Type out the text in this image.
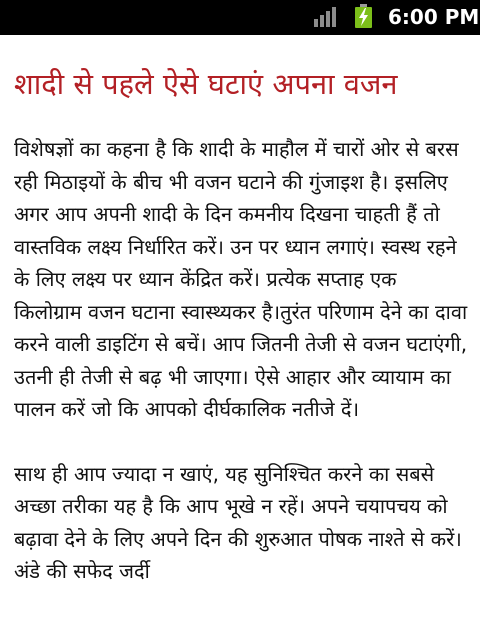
6:00 PM
शादी से पहले ऐसे घटाएं अपना वजन

विशेषज्ञों का कहना है कि शादी के माहौल में चारों ओर से बरस रही मिठाइयों के बीच भी वजन घटाने की गुंजाइश है। इसलिए अगर आप अपनी शादी के दिन कमनीय दिखना चाहती हैं तो वास्तविक लक्ष्य निर्धारित करें। उन पर ध्यान लगाएं। स्वस्थ रहने के लिए लक्ष्य पर ध्यान केंद्रित करें। प्रत्येक सप्ताह एक किलोग्राम वजन घटाना स्वास्थ्यकर है।तुरंत परिणाम देने का दावा करने वाली डाइटिंग से बचें। आप जितनी तेजी से वजन घटाएंगी, उतनी ही तेजी से बढ़ भी जाएगा। ऐसे आहार और व्यायाम का पालन करें जो कि आपको दीर्घकालिक नतीजे दें।

साथ ही आप ज्यादा न खाएं, यह सुनिश्चित करने का सबसे अच्छा तरीका यह है कि आप भूखे न रहें। अपने चयापचय को बढ़ावा देने के लिए अपने दिन की शुरुआत पोषक नाश्ते से करें। अंडे की सफेद जर्दी
